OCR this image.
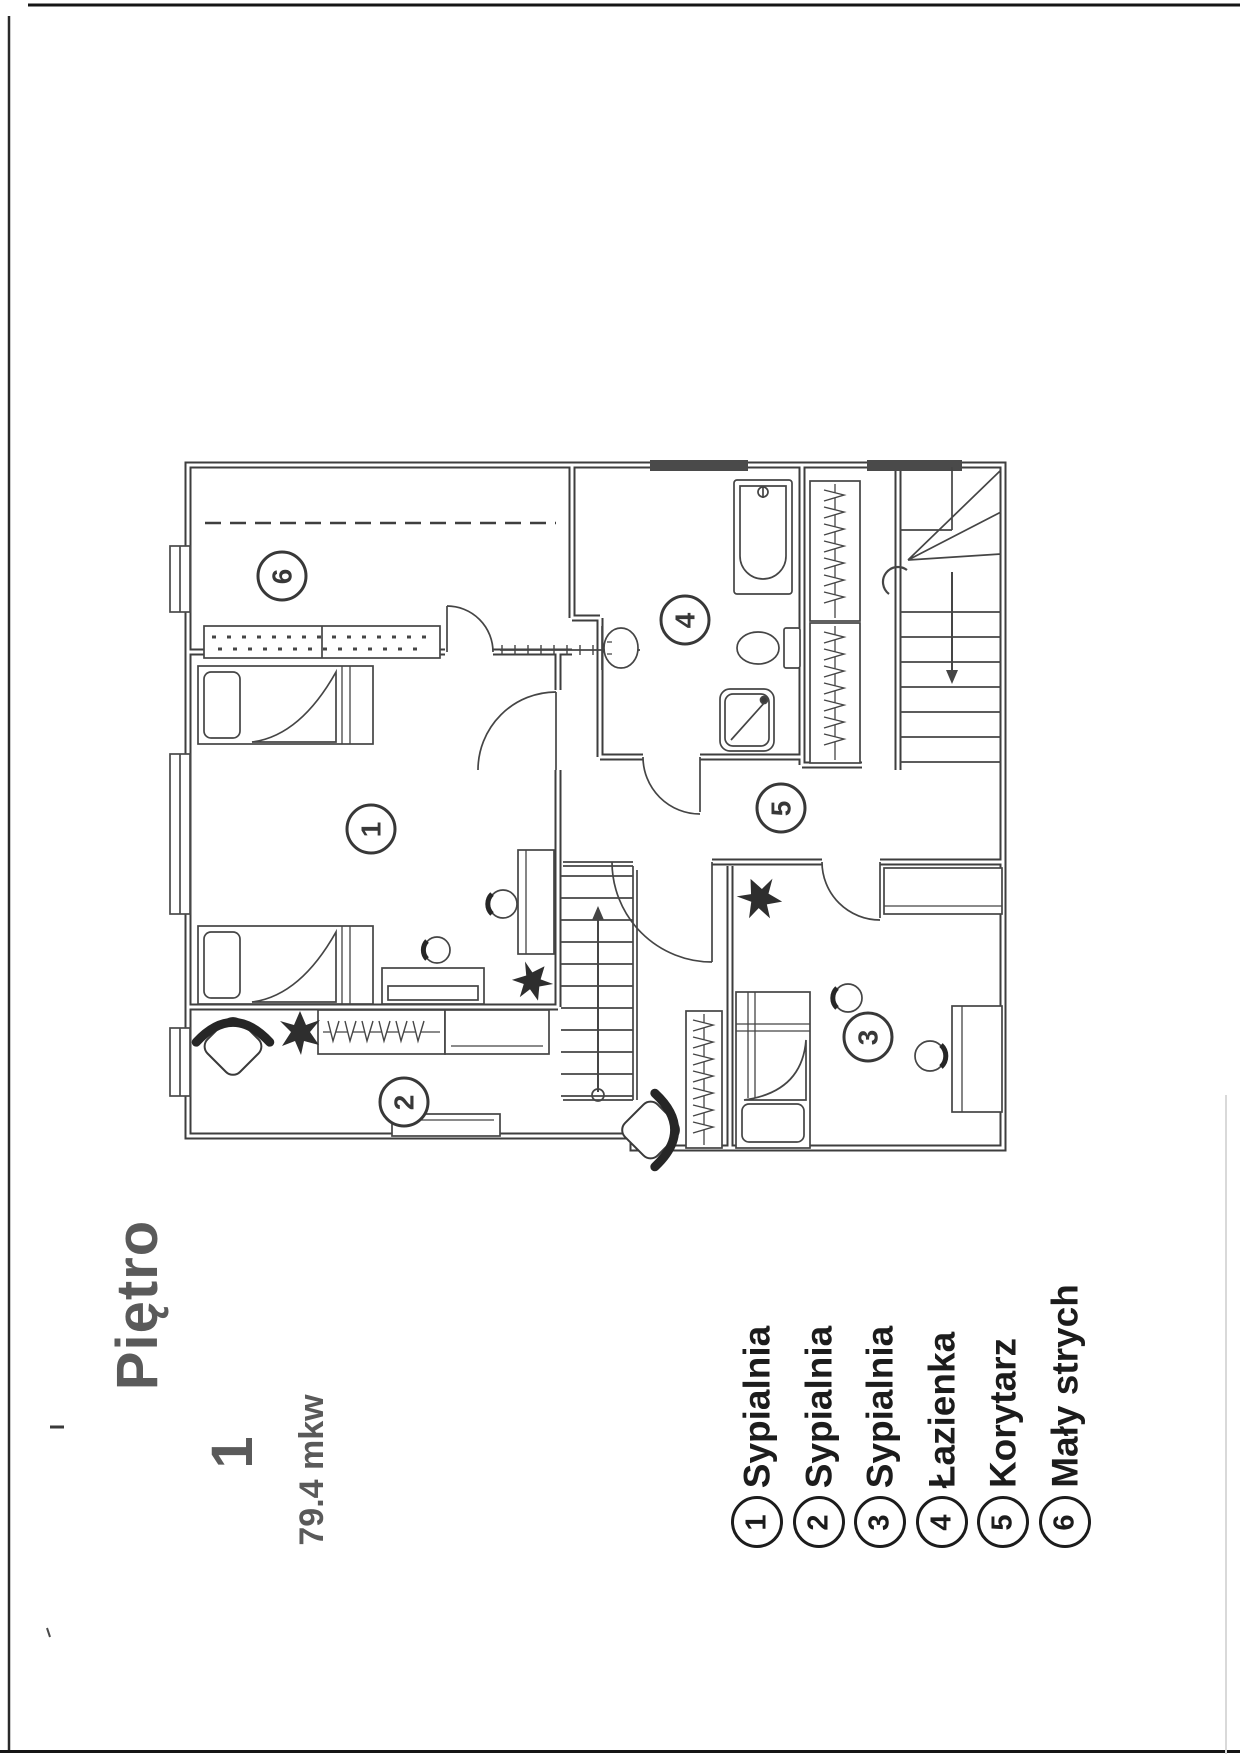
Piętro
1 79.4 mkw	1
Sypialnia
2
Sypialnia
3
Sypialnia
4
Łazienka
5
Korytarz
6
Mały strych
1
2
3
4
5
6
